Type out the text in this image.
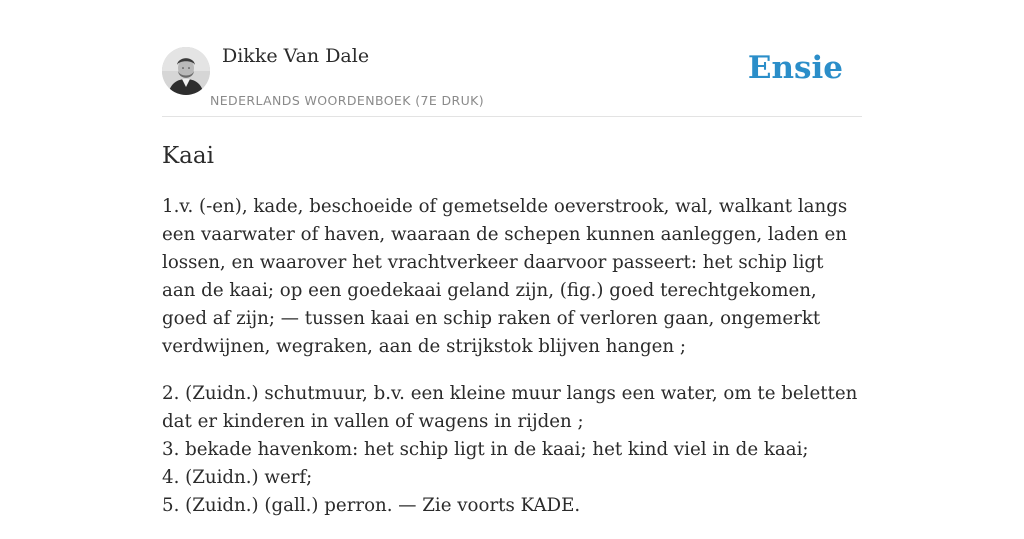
Dikke Van Dale
NEDERLANDS WOORDENBOEK (7E DRUK)
Ensie
Kaai

1.v. (-en), kade, beschoeide of gemetselde oeverstrook, wal, walkant langs een vaarwater of haven, waaraan de schepen kunnen aanleggen, laden en lossen, en waarover het vrachtverkeer daarvoor passeert: het schip ligt aan de kaai; op een goedekaai geland zijn, (fig.) goed terechtgekomen, goed af zijn; — tussen kaai en schip raken of verloren gaan, ongemerkt verdwijnen, wegraken, aan de strijkstok blijven hangen ;

2. (Zuidn.) schutmuur, b.v. een kleine muur langs een water, om te beletten dat er kinderen in vallen of wagens in rijden ;
3. bekade havenkom: het schip ligt in de kaai; het kind viel in de kaai;
4. (Zuidn.) werf;
5. (Zuidn.) (gall.) perron. — Zie voorts KADE.
